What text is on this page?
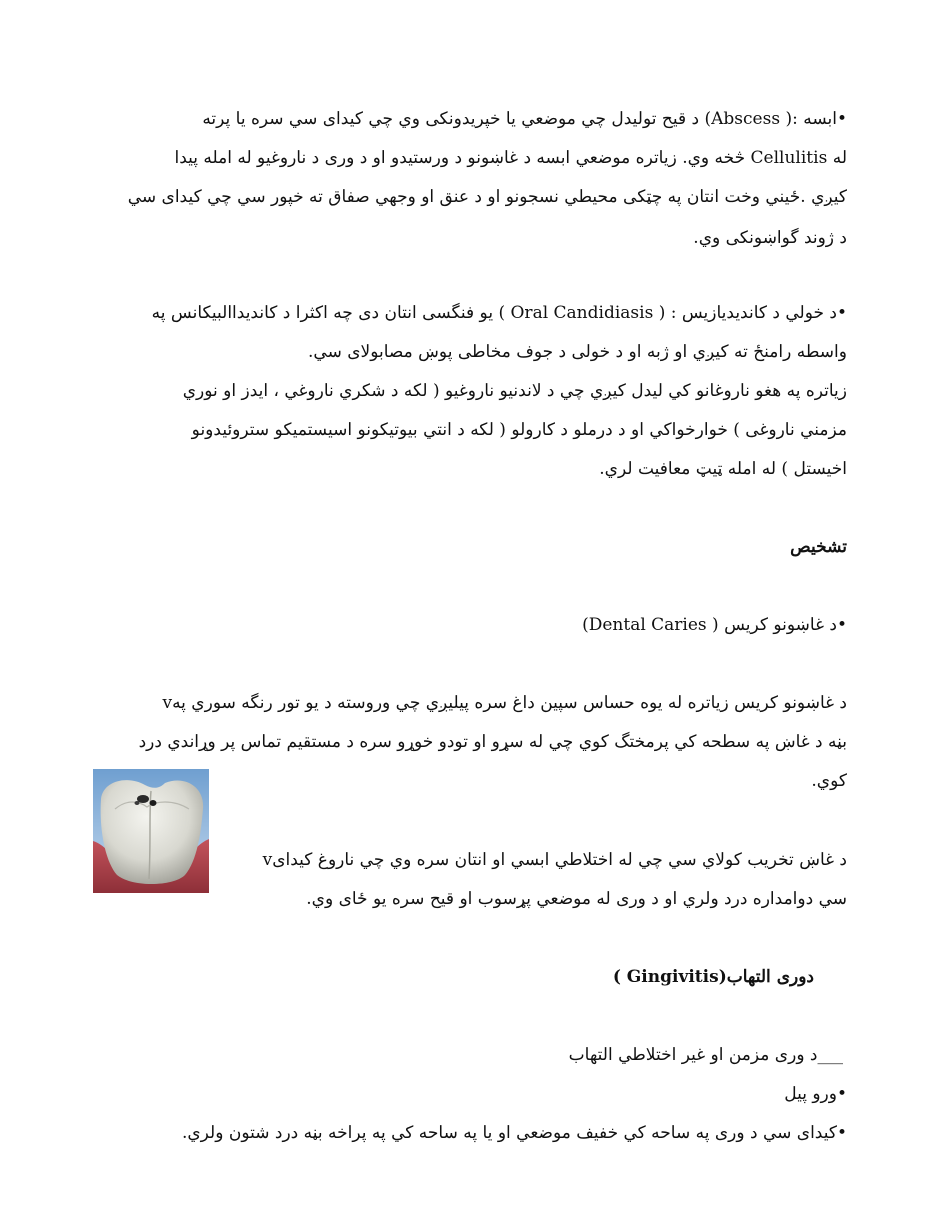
•ابسه :( Abscess) د قيح توليدل چي موضعي يا خپريدونكى وي چي كيداى سي سره يا پرته
له Cellulitis څخه وي. زياتره موضعي ابسه د غاښونو د ورستيدو او د ورى د ناروغيو له امله پيدا
كيږي .ځيني وخت انتان په چټكى محيطي نسجونو او د عنق او وجهي صفاق ته خپور سي چي كيداى سي
د ژوند گواښونكى وي.
•د خولي د كانديديازيس : ( Oral Candidiasis ) يو فنگسى انتان دى چه اكثرا د كانديداالبيكانس په
واسطه رامنځ ته كيږي او ژبه او د خولى د جوف مخاطى پوښ مصابولاى سي.
زياتره په هغو ناروغانو كي ليدل كيږي چي د لاندنيو ناروغيو ( لكه د شكري ناروغي ، ايدز او نوري
مزمني ناروغى ) خوارخواكي او د درملو د كارولو ( لكه د انتي بيوتيكونو اسيستميكو ستروئيدونو
اخيستل ) له امله ټيټ معافيت لري.
تشخيص
•د غاښونو كريس ( Dental Caries)
vد غاښونو كريس زياتره له يوه حساس سپين داغ سره پيليږي چي وروسته د يو تور رنگه سوري په
بڼه د غاښ په سطحه كي پرمختگ كوي چي له سړو او تودو خوړو سره د مستقيم تماس پر وړاندي درد
كوي.
vد غاښ تخريب كولاي سي چي له اختلاطي ابسي او انتان سره وي چي ناروغ كيداى
سي دوامداره درد ولري او د ورى له موضعي پړسوب او قيح سره يو ځاى وي.
دورى التهاب(Gingivitis )
___د ورى مزمن او غير اختلاطي التهاب
•ورو پيل
•كيداى سي د ورى په ساحه كي خفيف موضعي او يا په ساحه كي په پراخه بڼه درد شتون ولري.
